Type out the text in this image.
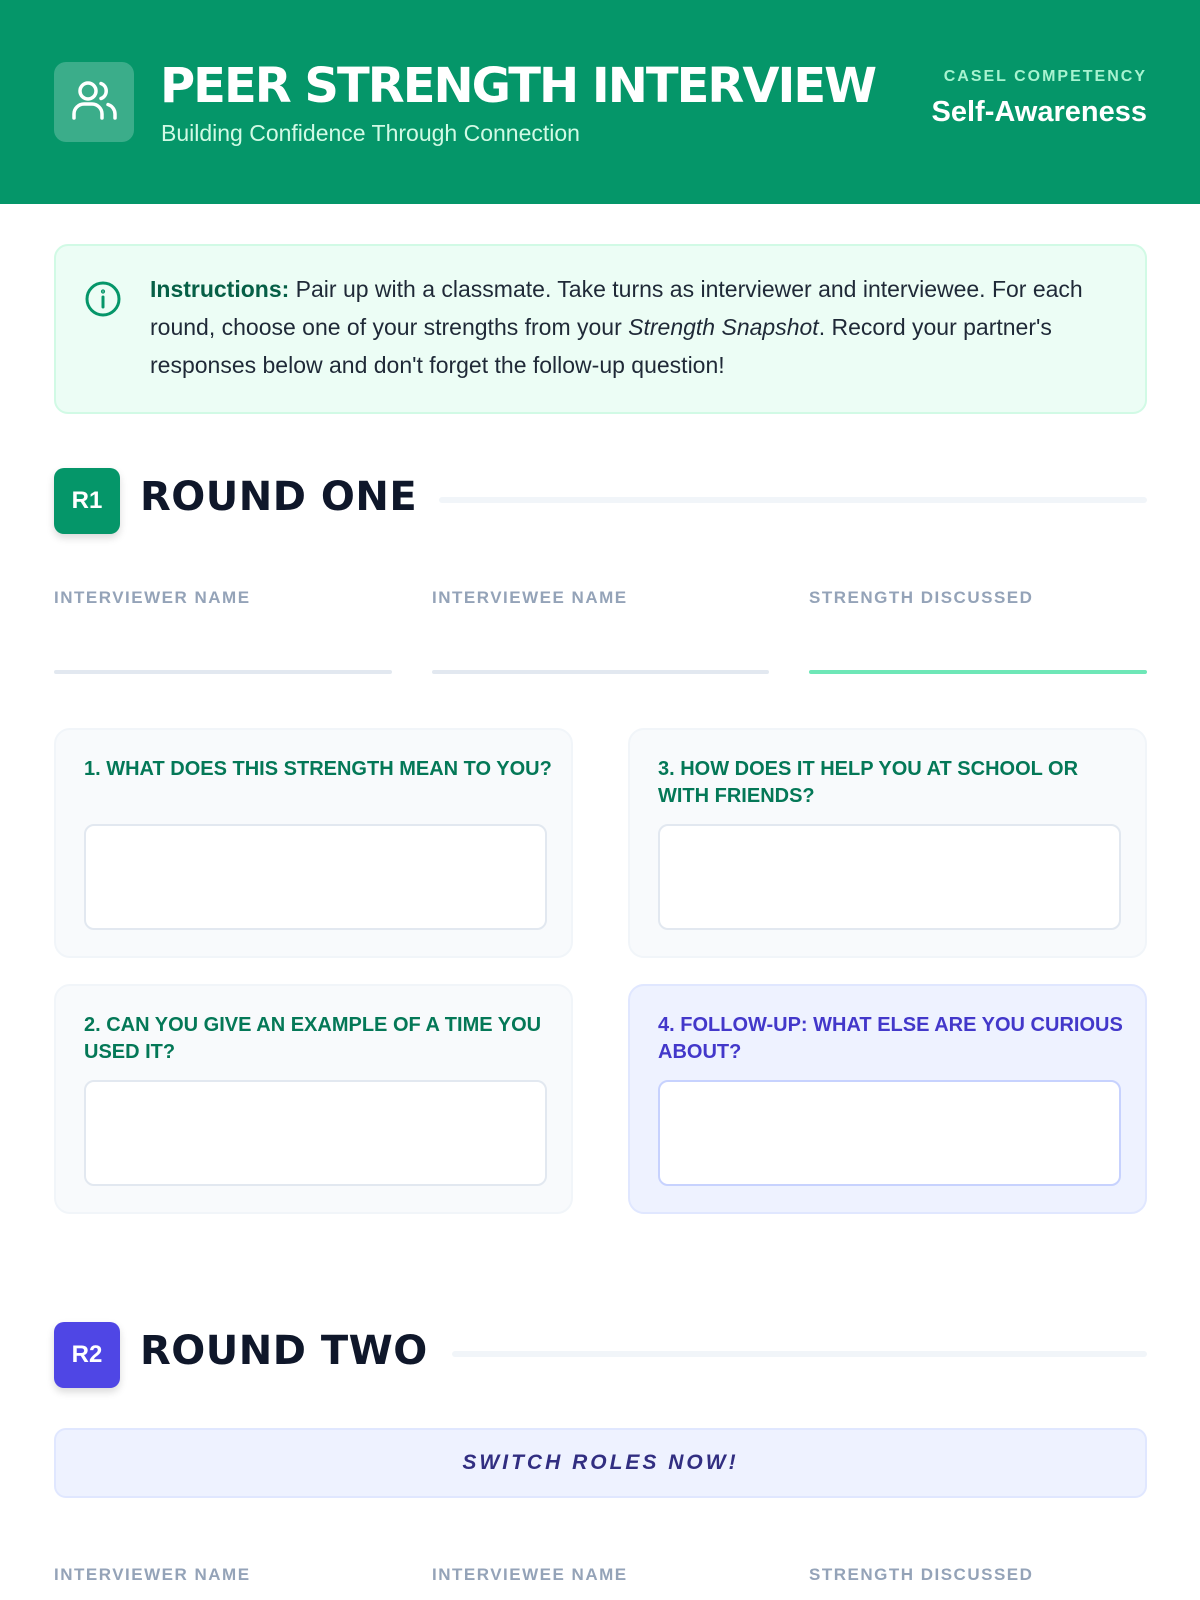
PEER STRENGTH INTERVIEW
Building Confidence Through Connection
CASEL COMPETENCY
Self-Awareness

Instructions: Pair up with a classmate. Take turns as interviewer and interviewee. For each round, choose one of your strengths from your Strength Snapshot. Record your partner's responses below and don't forget the follow-up question!

R1 ROUND ONE
INTERVIEWER NAME	INTERVIEWEE NAME	STRENGTH DISCUSSED
1. WHAT DOES THIS STRENGTH MEAN TO YOU?	3. HOW DOES IT HELP YOU AT SCHOOL OR WITH FRIENDS?
2. CAN YOU GIVE AN EXAMPLE OF A TIME YOU USED IT?
4. FOLLOW-UP: WHAT ELSE ARE YOU CURIOUS ABOUT?
R2 ROUND TWO
SWITCH ROLES NOW!
INTERVIEWER NAME	INTERVIEWEE NAME	STRENGTH DISCUSSED
